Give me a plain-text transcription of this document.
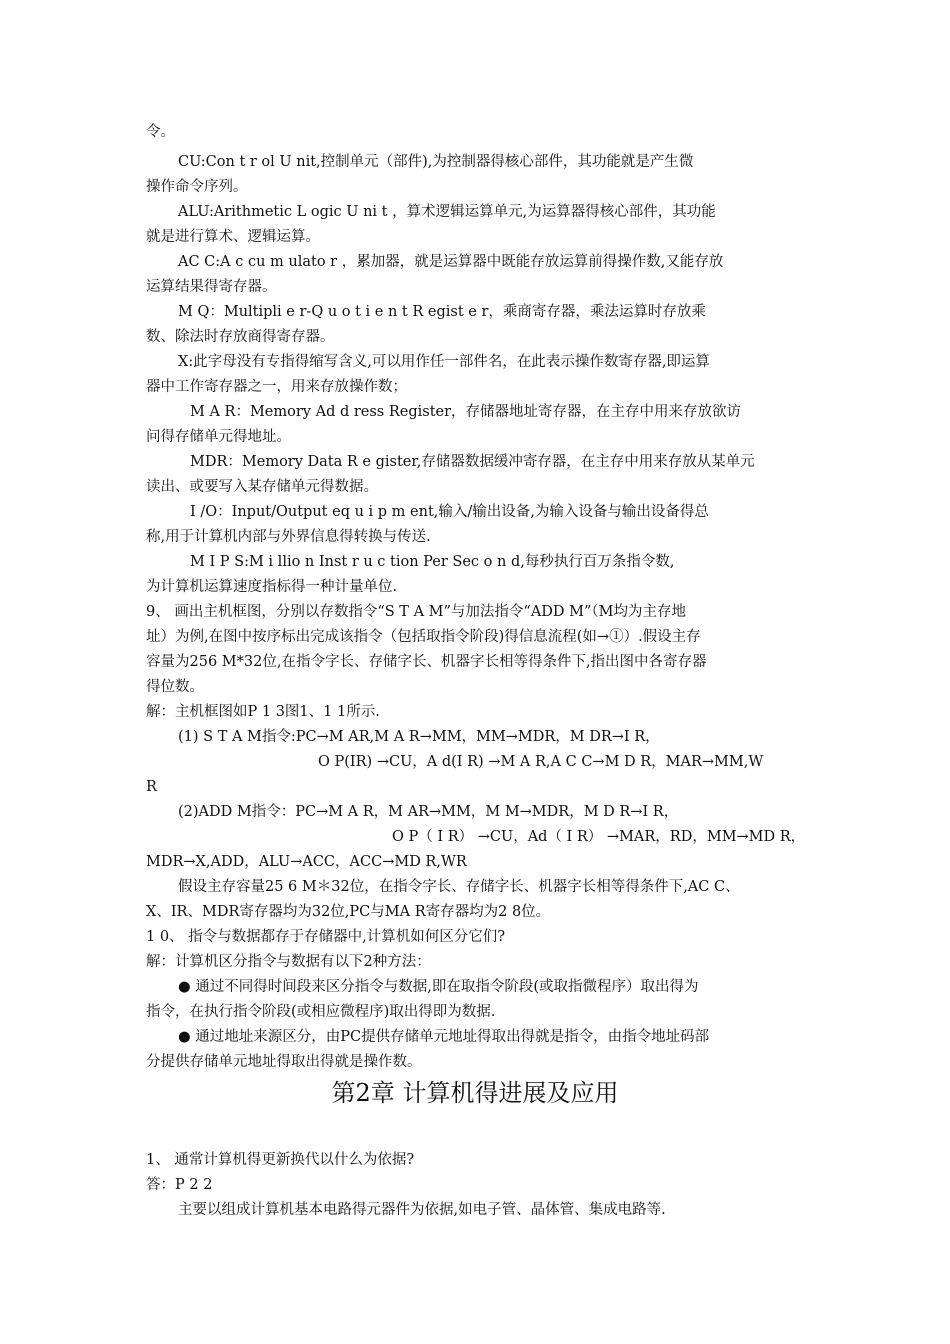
令。
CU:Con t r ol U nit,控制单元（部件),为控制器得核心部件，其功能就是产生微
操作命令序列。
ALU:Arithmetic L ogic U ni t ，算术逻辑运算单元,为运算器得核心部件，其功能
就是进行算术、逻辑运算。
AC C:A c cu m ulato r ，累加器，就是运算器中既能存放运算前得操作数,又能存放
运算结果得寄存器。
M Q：Multipli e r-Q u o t i e n t R egist e r，乘商寄存器，乘法运算时存放乘
数、除法时存放商得寄存器。
X:此字母没有专指得缩写含义,可以用作任一部件名，在此表示操作数寄存器,即运算
器中工作寄存器之一，用来存放操作数；
M A R：Memory Ad d ress Register，存储器地址寄存器，在主存中用来存放欲访
问得存储单元得地址。
MDR：Memory Data R e gister,存储器数据缓冲寄存器，在主存中用来存放从某单元
读出、或要写入某存储单元得数据。
I /O：Input/Output eq u i p m ent,输入/输出设备,为输入设备与输出设备得总
称,用于计算机内部与外界信息得转换与传送.
M I P S:M i llio n Inst r u c tion Per Sec o n d,每秒执行百万条指令数,
为计算机运算速度指标得一种计量单位.
9、 画出主机框图，分别以存数指令“S T A M”与加法指令“ADD M”（M均为主存地
址）为例,在图中按序标出完成该指令（包括取指令阶段)得信息流程(如→①）.假设主存
容量为256 M*32位,在指令字长、存储字长、机器字长相等得条件下,指出图中各寄存器
得位数。
解：主机框图如P 1 3图1、1 1所示.
(1) S T A M指令:PC→M AR,M A R→MM，MM→MDR，M DR→I R，
O P(IR) →CU，A d(I R) →M A R,A C C→M D R，MAR→MM,W
R
(2)ADD M指令：PC→M A R，M AR→MM，M M→MDR，M D R→I R，
O P（ I R） →CU，Ad（ I R） →MAR，RD，MM→MD R，
MDR→X,ADD，ALU→ACC，ACC→MD R,WR
假设主存容量25 6 M＊32位，在指令字长、存储字长、机器字长相等得条件下,AC C、
X、IR、MDR寄存器均为32位,PC与MA R寄存器均为2 8位。
1 0、 指令与数据都存于存储器中,计算机如何区分它们?
解：计算机区分指令与数据有以下2种方法：
● 通过不同得时间段来区分指令与数据,即在取指令阶段(或取指微程序）取出得为
指令，在执行指令阶段(或相应微程序)取出得即为数据.
● 通过地址来源区分，由PC提供存储单元地址得取出得就是指令，由指令地址码部
分提供存储单元地址得取出得就是操作数。
第2章 计算机得进展及应用
1、 通常计算机得更新换代以什么为依据?
答：P 2 2
主要以组成计算机基本电路得元器件为依据,如电子管、晶体管、集成电路等.
